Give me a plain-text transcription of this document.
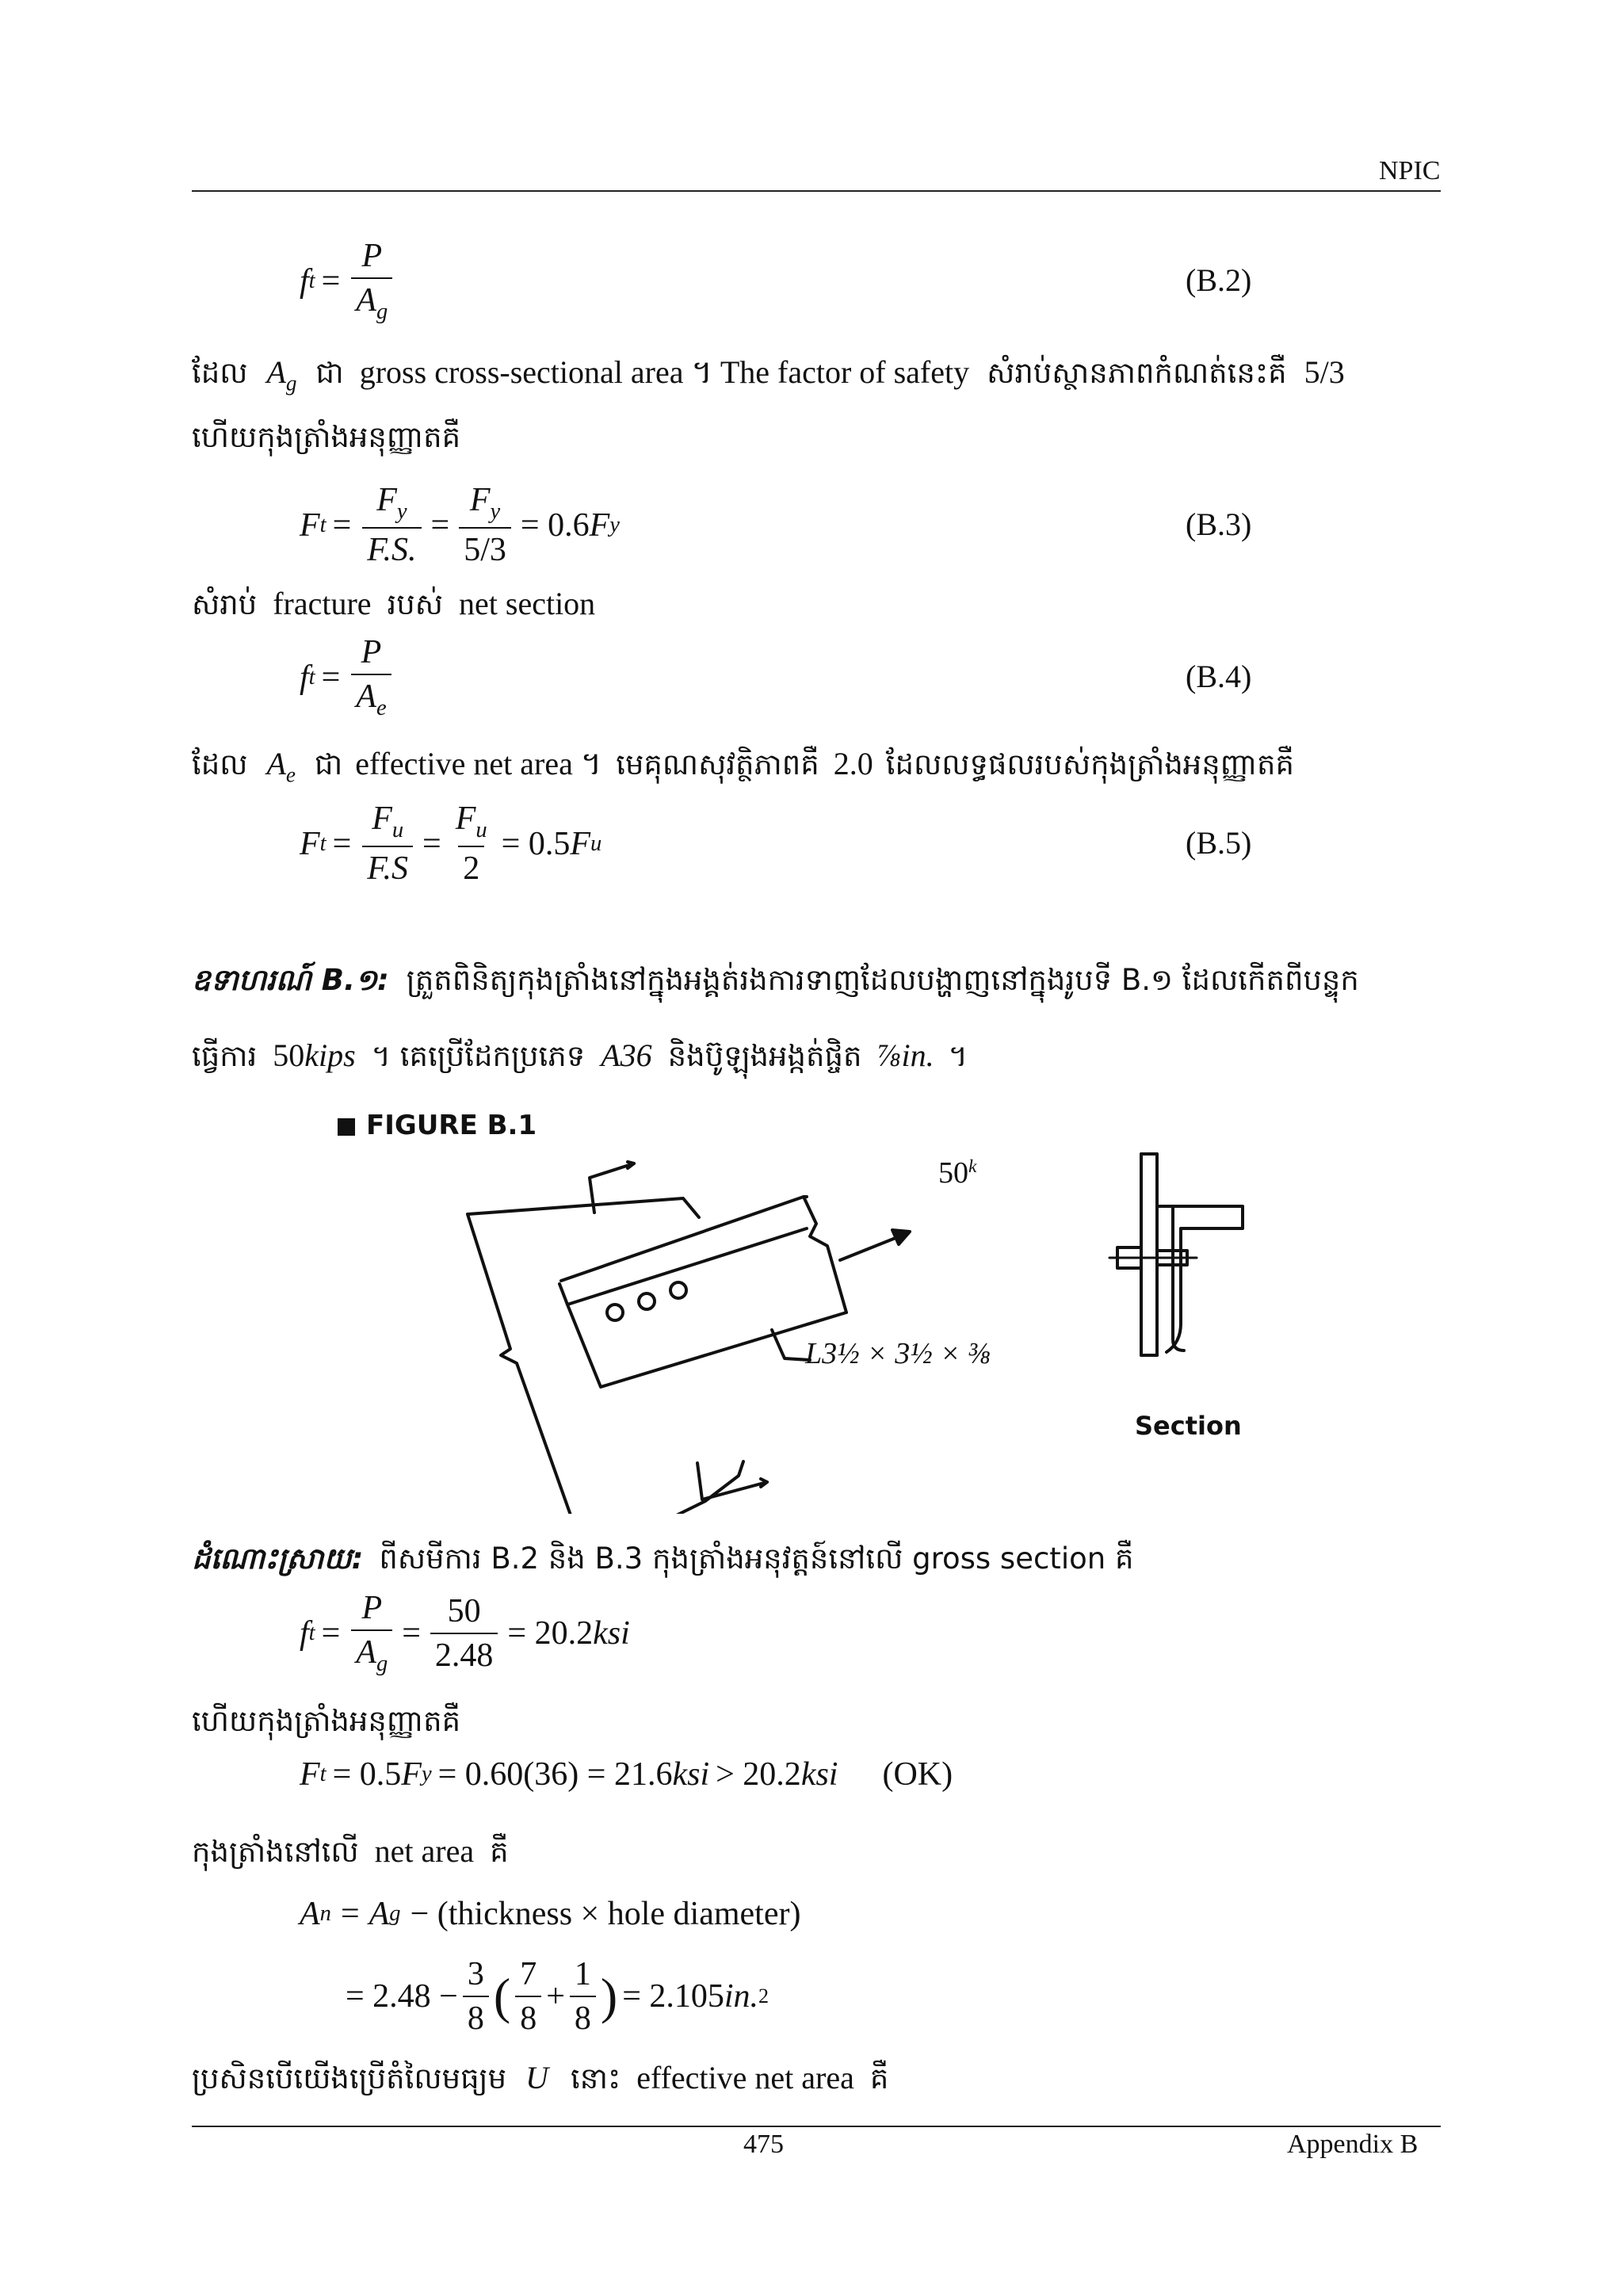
NPIC
f $t = \frac{P}{A_g}$	(B.2)
ដែល $A_g$ ជា gross cross-sectional area ។ The factor of safety សំរាប់ស្ថានភាពកំណត់នេះគឺ 5/3
ហើយកុងត្រាំងអនុញ្ញាតគឺ
F $t = \frac{F_y}{F.S.} = \frac{F_y}{5/3} = 0.6$ F y	(B.3)
សំរាប់ fracture របស់ net section
f $t = \frac{P}{A_e}$	(B.4)
ដែល $A_e$ ជា effective net area ។ មេគុណសុវត្ថិភាពគឺ 2.0 ដែលលទ្ធផលរបស់កុងត្រាំងអនុញ្ញាតគឺ
F $t = \frac{F_u}{F.S} = \frac{F_u}{2} = 0.5$ F u	(B.5)
ឧទាហរណ៍ B.១: ត្រួតពិនិត្យកុងត្រាំងនៅក្នុងអង្គត់រងការទាញដែលបង្ហាញនៅក្នុងរូបទី B.១ ដែលកើតពីបន្ទុក
ធ្វើការ 50kips ។ គេប្រើដែកប្រភេទ A36 និងប៊ូឡុងអង្កត់ផ្ចិត ⅞in. ។
FIGURE B.1
50$^k$
L3½ × 3½ × ⅜
Section
ដំណោះស្រាយ: ពីសមីការ B.2 និង B.3 កុងត្រាំងអនុវត្តន៍នៅលើ gross section គឺ
f $t = \frac{P}{A_g} = \frac{50}{2.48} = 20.2$ ksi
ហើយកុងត្រាំងអនុញ្ញាតគឺ
F t = 0.5 F y = 0.60(36) = 21.6 ksi > 20.2 ksi (OK)
កុងត្រាំងនៅលើ net area គឺ
A n = A g − (thickness × hole diameter)
= $2.48 - \frac{3}{8}$ ( $\frac{7}{8} + \frac{1}{8}$ ) = 2.105 in. 2
ប្រសិនបើយើងប្រើតំលៃមធ្យម U នោះ effective net area គឺ
475	Appendix B
